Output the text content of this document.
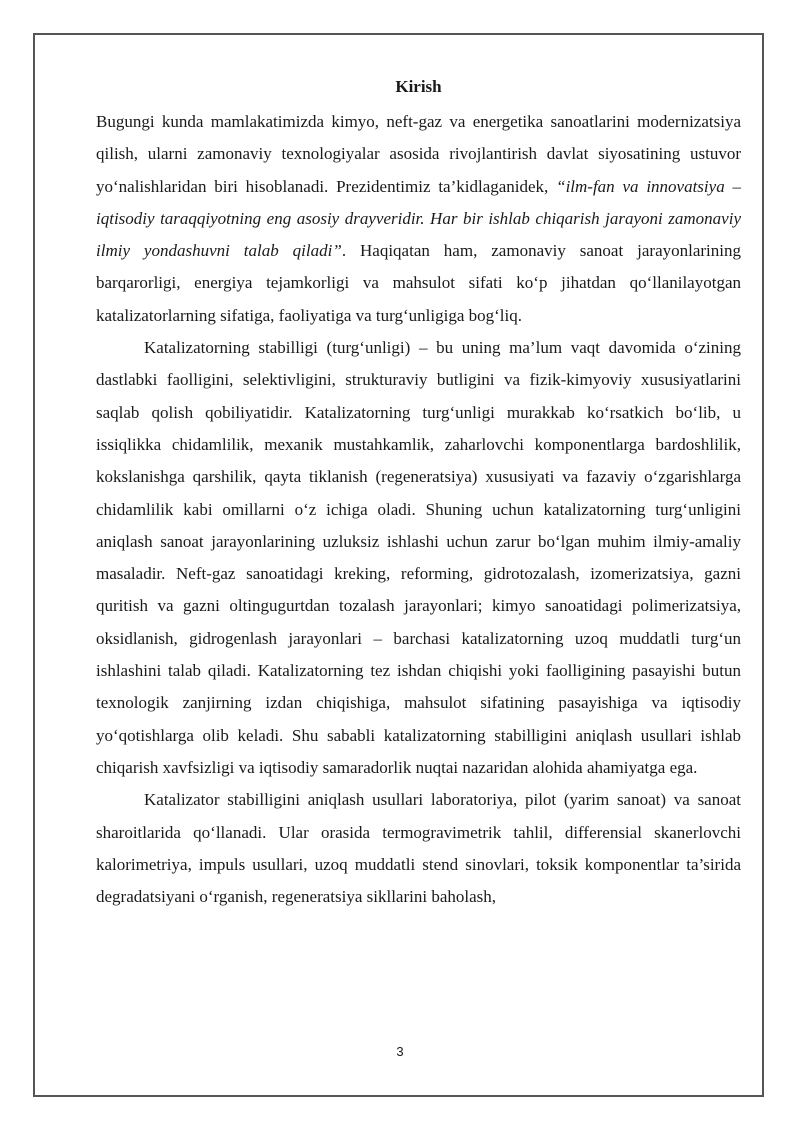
Kirish

Bugungi kunda mamlakatimizda kimyo, neft-gaz va energetika sanoatlarini modernizatsiya qilish, ularni zamonaviy texnologiyalar asosida rivojlantirish davlat siyosatining ustuvor yo‘nalishlaridan biri hisoblanadi. Prezidentimiz ta’kidlaganidek, “ilm-fan va innovatsiya – iqtisodiy taraqqiyotning eng asosiy drayveridir. Har bir ishlab chiqarish jarayoni zamonaviy ilmiy yondashuvni talab qiladi”. Haqiqatan ham, zamonaviy sanoat jarayonlarining barqarorligi, energiya tejamkorligi va mahsulot sifati ko‘p jihatdan qo‘llanilayotgan katalizatorlarning sifatiga, faoliyatiga va turg‘unligiga bog‘liq.

Katalizatorning stabilligi (turg‘unligi) – bu uning ma’lum vaqt davomida o‘zining dastlabki faolligini, selektivligini, strukturaviy butligini va fizik-kimyoviy xususiyatlarini saqlab qolish qobiliyatidir. Katalizatorning turg‘unligi murakkab ko‘rsatkich bo‘lib, u issiqlikka chidamlilik, mexanik mustahkamlik, zaharlovchi komponentlarga bardoshlilik, kokslanishga qarshilik, qayta tiklanish (regeneratsiya) xususiyati va fazaviy o‘zgarishlarga chidamlilik kabi omillarni o‘z ichiga oladi. Shuning uchun katalizatorning turg‘unligini aniqlash sanoat jarayonlarining uzluksiz ishlashi uchun zarur bo‘lgan muhim ilmiy-amaliy masaladir. Neft-gaz sanoatidagi kreking, reforming, gidrotozalash, izomerizatsiya, gazni quritish va gazni oltingugurtdan tozalash jarayonlari; kimyo sanoatidagi polimerizatsiya, oksidlanish, gidrogenlash jarayonlari – barchasi katalizatorning uzoq muddatli turg‘un ishlashini talab qiladi. Katalizatorning tez ishdan chiqishi yoki faolligining pasayishi butun texnologik zanjirning izdan chiqishiga, mahsulot sifatining pasayishiga va iqtisodiy yo‘qotishlarga olib keladi. Shu sababli katalizatorning stabilligini aniqlash usullari ishlab chiqarish xavfsizligi va iqtisodiy samaradorlik nuqtai nazaridan alohida ahamiyatga ega.

Katalizator stabilligini aniqlash usullari laboratoriya, pilot (yarim sanoat) va sanoat sharoitlarida qo‘llanadi. Ular orasida termogravimetrik tahlil, differensial skanerlovchi kalorimetriya, impuls usullari, uzoq muddatli stend sinovlari, toksik komponentlar ta’sirida degradatsiyani o‘rganish, regeneratsiya sikllarini baholash,

3
